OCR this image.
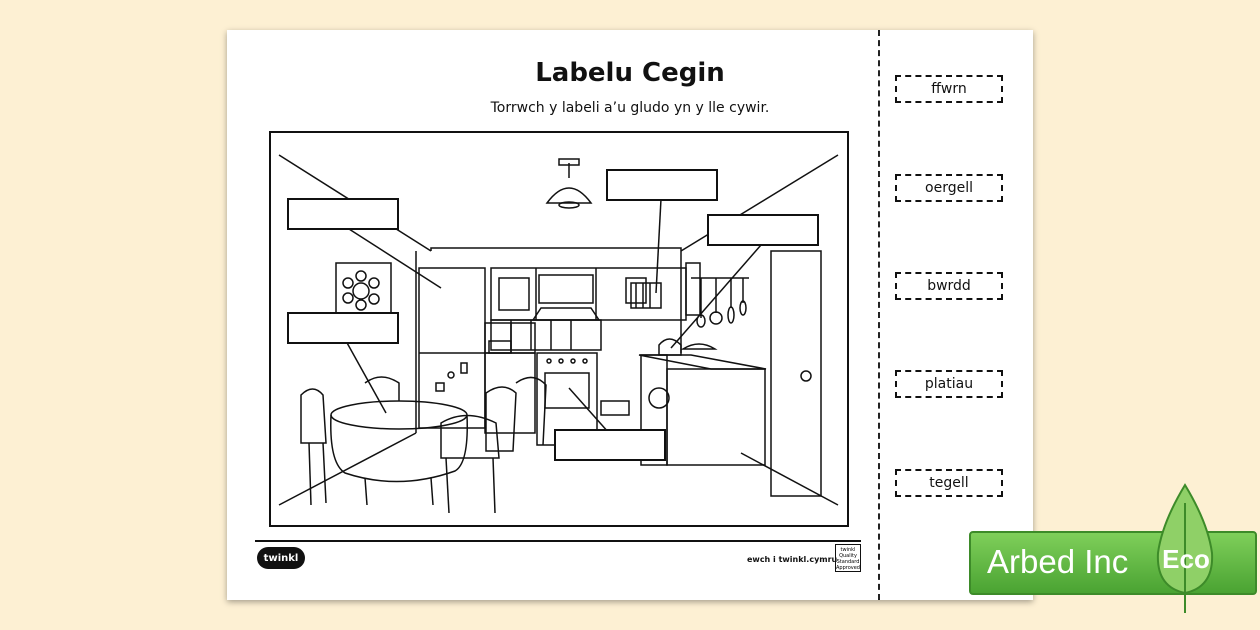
Labelu Cegin
Torrwch y labeli a’u gludo yn y lle cywir.
twinkl	ewch i twinkl.cymru
twinkl Quality Standard Approved
ffwrn
oergell
bwrdd
platiau
tegell
Arbed Inc Eco
